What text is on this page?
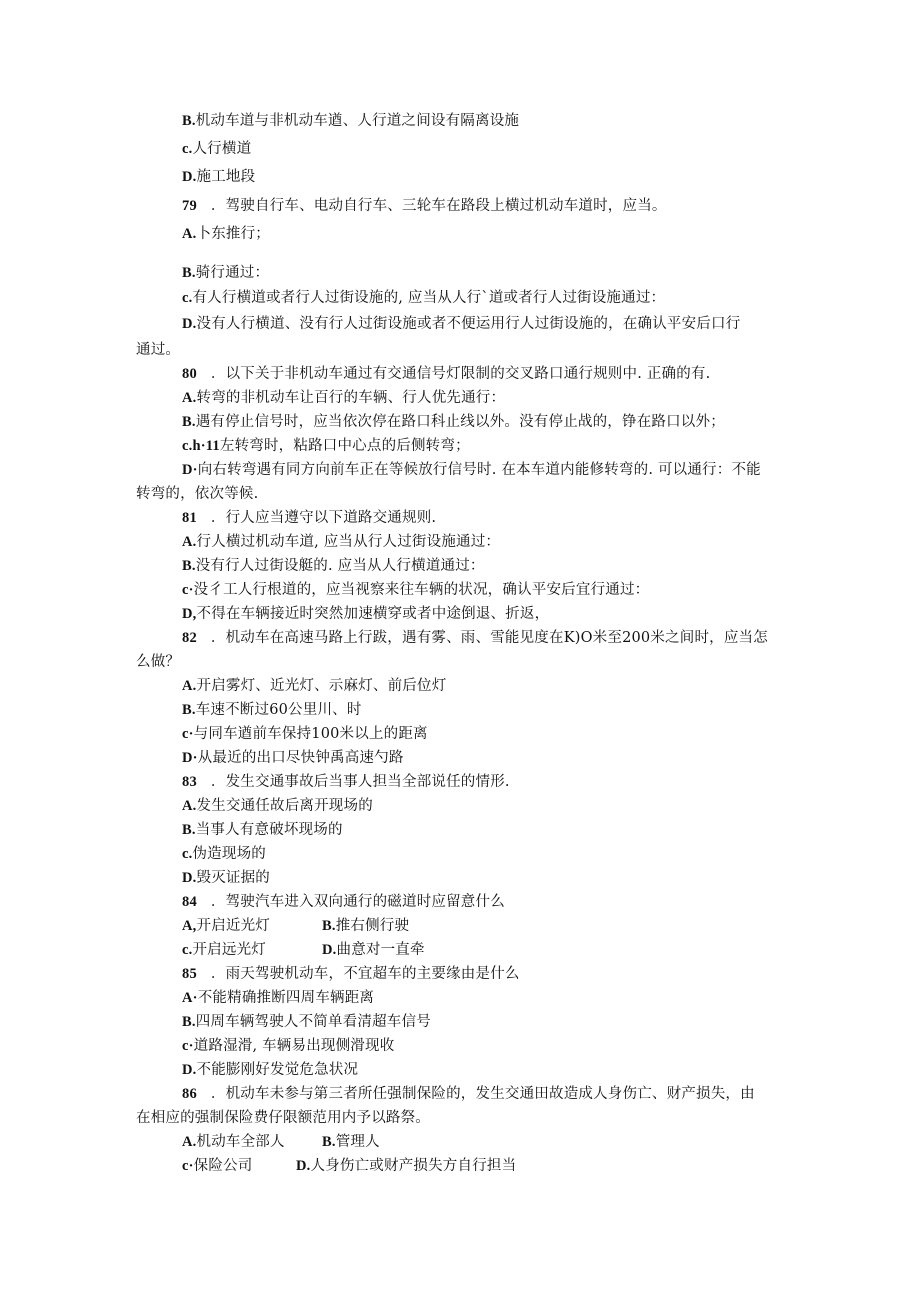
B.机动车道与非机动车遒、人行道之间设有隔离设施
c.人行横道
D.施工地段
79 ．驾驶自行车、电动自行车、三轮车在路段上横过机动车道时，应当。
A.卜东推行；
B.骑行通过：
c.有人行横道或者行人过街设施的, 应当从人行`道或者行人过街设施通过：
D.没有人行横道、没有行人过街设施或者不便运用行人过街设施的，在确认平安后口行
通过。
80 ．以下关于非机动车通过有交通信号灯限制的交叉路口通行规则中. 正确的有.
A.转弯的非机动车让百行的车辆、行人优先通行：
B.遇有停止信号时，应当依次停在路口科止线以外。没有停止战的，铮在路口以外；
c.h·11左转弯时，粘路口中心点的后侧转弯；
D·向右转弯遇有同方向前车正在等候放行信号时. 在本车道内能修转弯的. 可以通行：不能
转弯的，依次等候.
81 ．行人应当遵守以下道路交通规则.
A.行人横过机动车道, 应当从行人过街设施通过：
B.没有行人过街设艇的. 应当从人行横道通过：
c·没彳工人行根道的，应当视察来往车辆的状况，确认平安后宜行通过：
D,不得在车辆接近时突然加速横穿或者中途倒退、折返，
82 ．机动车在高速马路上行跋，遇有雾、雨、雪能见度在K)O米至200米之间时，应当怎
么做？
A.开启雾灯、近光灯、示麻灯、前后位灯
B.车速不断过60公里川、时
c·与同车遒前车保持100米以上的距离
D·从最近的出口尽快钟禹高速勺路
83 ．发生交通事故后当事人担当全部说任的情形.
A.发生交通任故后离开现场的
B.当事人有意破坏现场的
c.伪造现场的
D.毁灭证据的
84 ．驾驶汽车进入双向通行的磁道时应留意什么
A,开启近光灯	B.推右侧行驶
c.开启远光灯	D.曲意对一直牵
85 ．雨天驾驶机动车，不宜超车的主要缘由是什么
A·不能精确推断四周车辆距离
B.四周车辆驾驶人不简单看清超车信号
c·道路湿滑, 车辆易出现侧滑现收
D.不能膨刚好发觉危急状况
86 ．机动车未参与第三者所任强制保险的，发生交通田故造成人身伤亡、财产损失，由
在相应的强制保险费仔限额范用内予以路祭。
A.机动车全部人	B.管理人
c·保险公司	D.人身伤亡或财产损失方自行担当
